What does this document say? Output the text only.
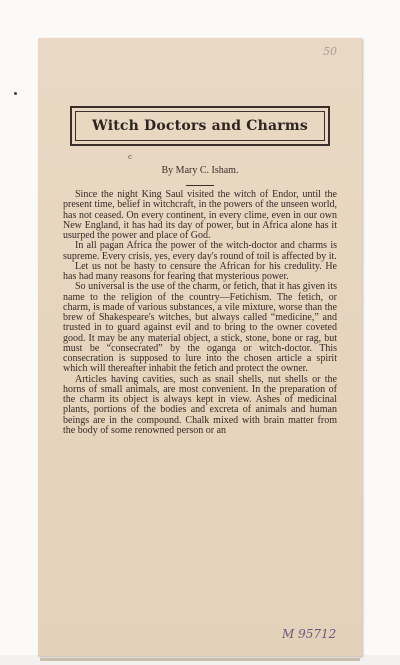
50
Witch Doctors and Charms
c
By Mary C. Isham.

Since the night King Saul visited the witch of Endor, until the present time, belief in witchcraft, in the powers of the unseen world, has not ceased. On every continent, in every clime, even in our own New England, it has had its day of power, but in Africa alone has it usurped the power and place of God.

In all pagan Africa the power of the witch-doctor and charms is supreme. Every crisis, yes, every day's round of toil is affected by it.

Let us not be hasty to censure the African for his credulity. He has had many reasons for fearing that mysterious power.

So universal is the use of the charm, or fetich, that it has given its name to the religion of the country—Fetichism. The fetich, or charm, is made of various substances, a vile mixture, worse than the brew of Shakespeare's witches, but always called “medicine,” and trusted in to guard against evil and to bring to the owner coveted good. It may be any material object, a stick, stone, bone or rag, but must be “consecrated” by the oganga or witch-doctor. This consecration is supposed to lure into the chosen article a spirit which will thereafter inhabit the fetich and protect the owner.

Articles having cavities, such as snail shells, nut shells or the horns of small animals, are most convenient. In the preparation of the charm its object is always kept in view. Ashes of medicinal plants, portions of the bodies and excreta of animals and human beings are in the compound. Chalk mixed with brain matter from the body of some renowned person or an

M 95712
